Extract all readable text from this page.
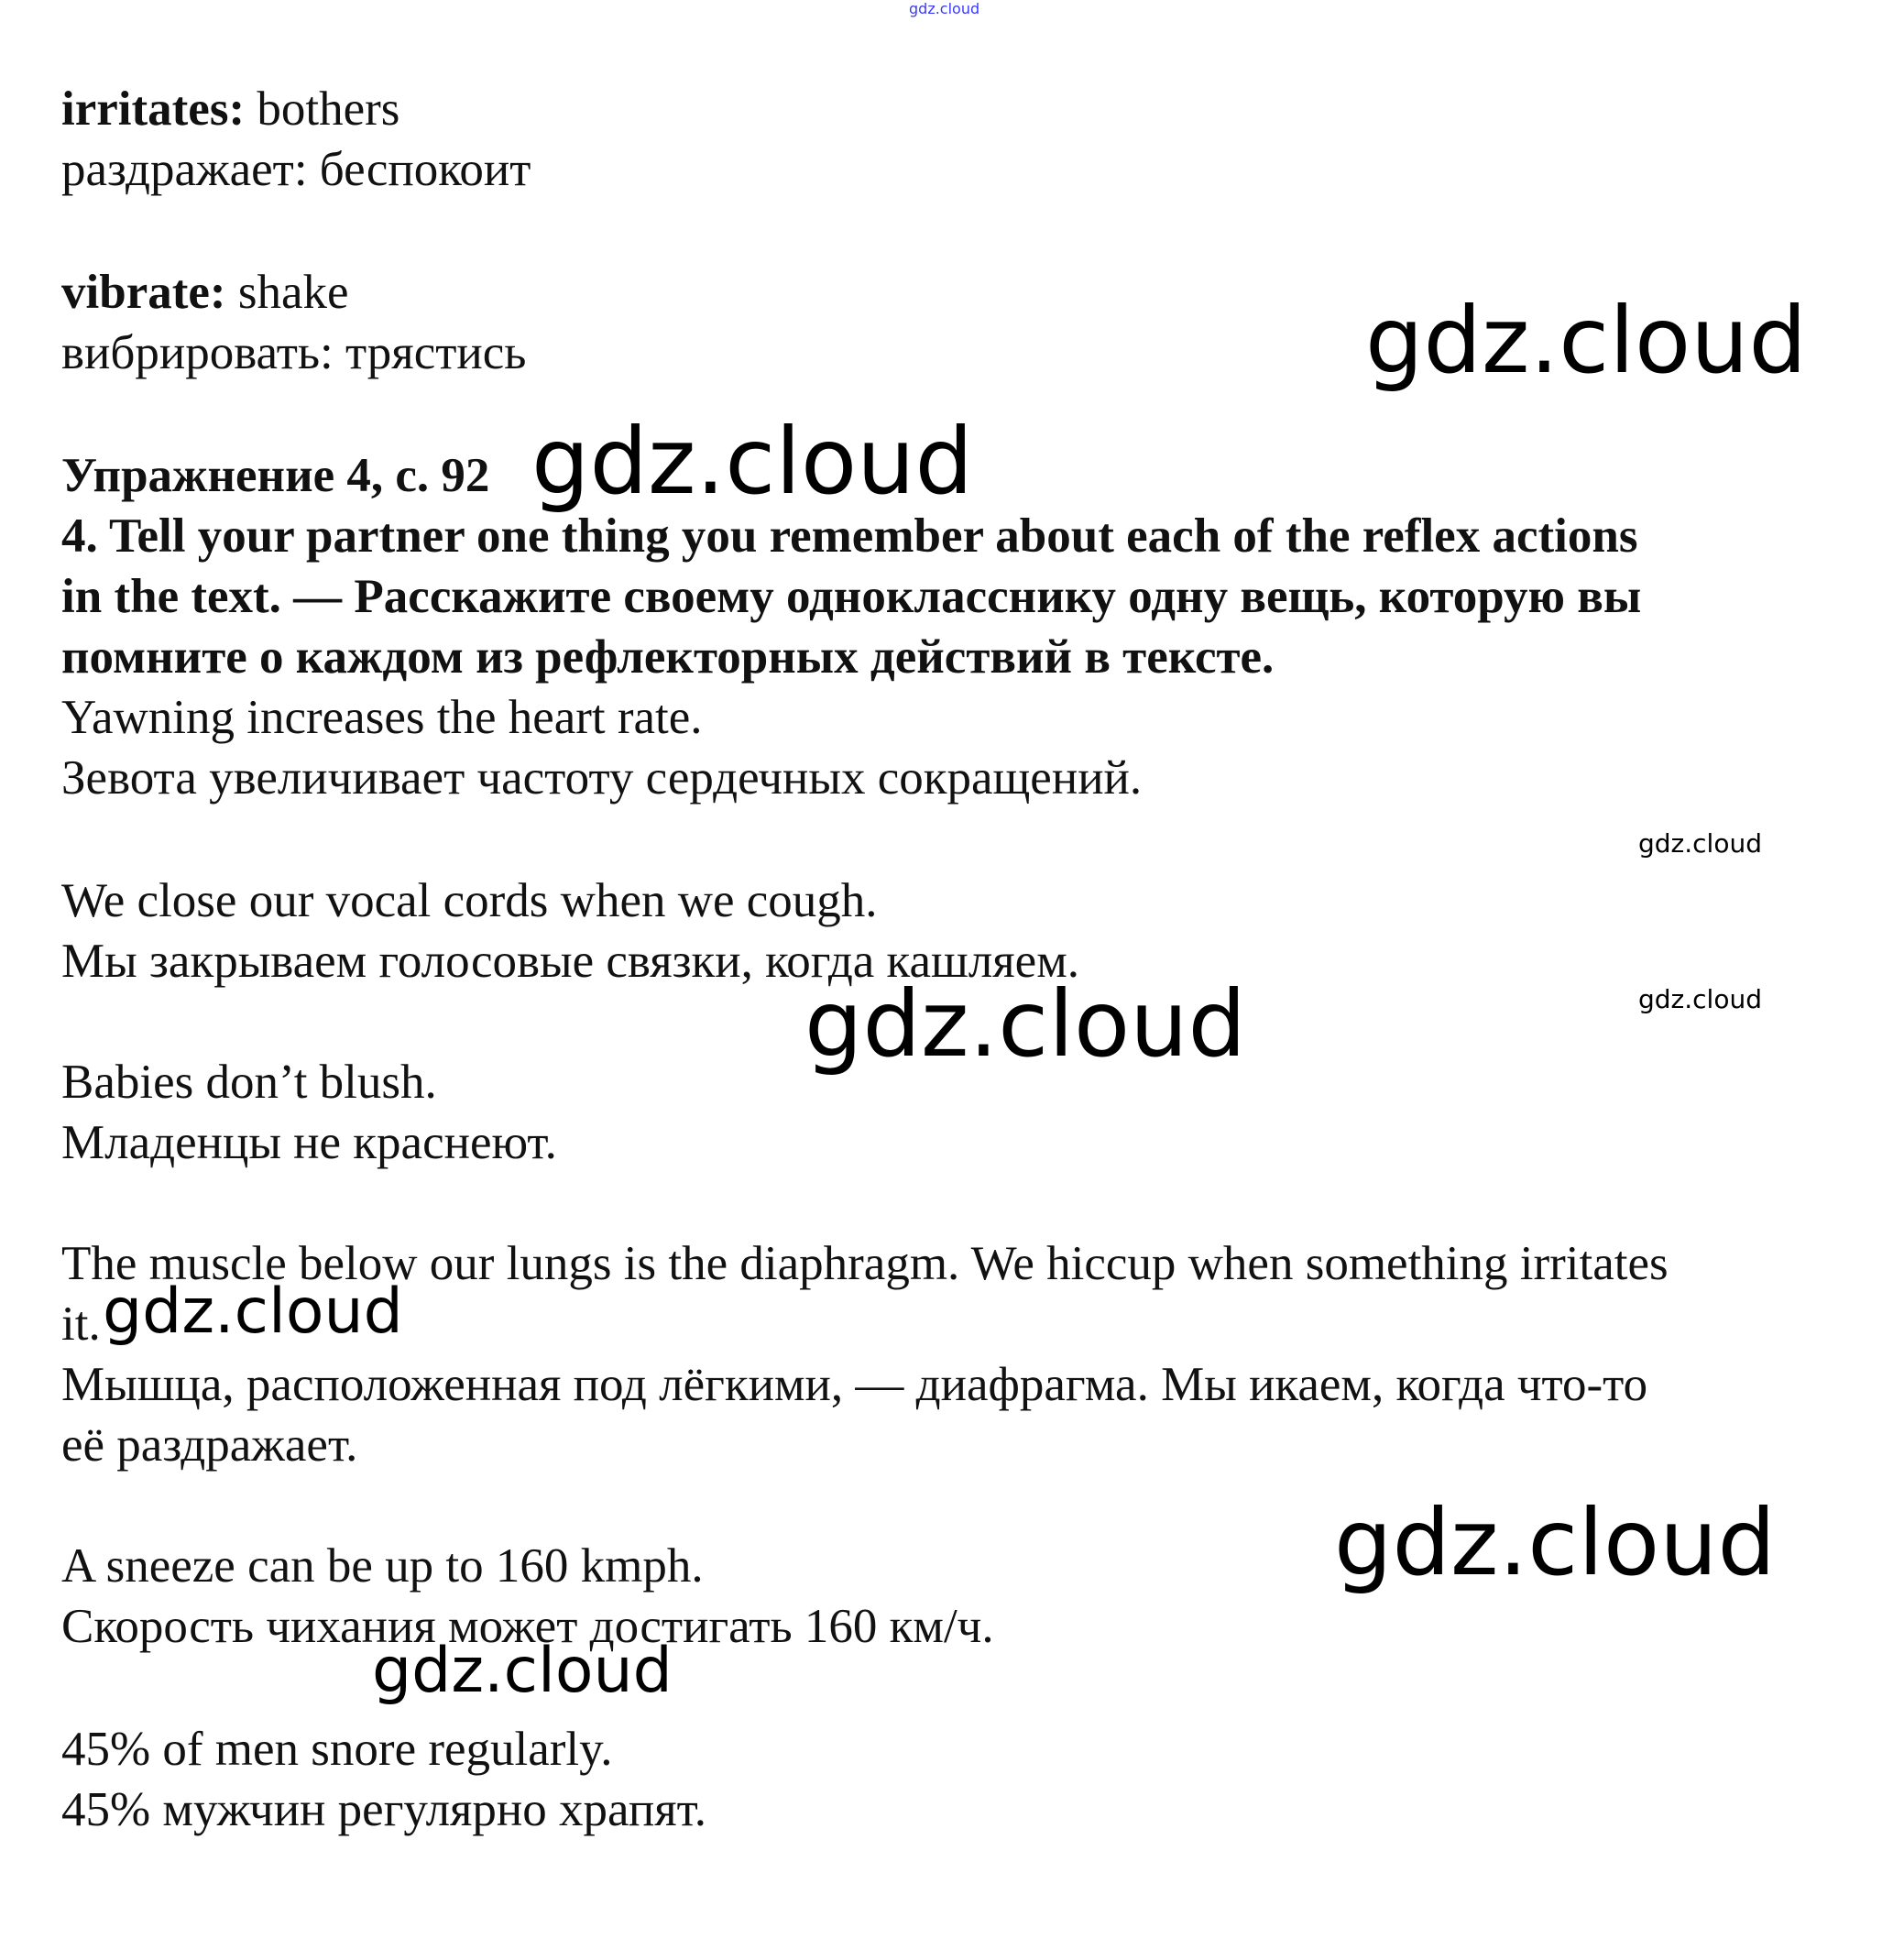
gdz.cloud

irritates: bothers

раздражает: беспокоит

vibrate: shake

вибрировать: трястись	gdz.cloud

Упражнение 4, с. 92 gdz.cloud

4. Tell your partner one thing you remember about each of the reflex actions

in the text. — Расскажите своему однокласснику одну вещь, которую вы

помните о каждом из рефлекторных действий в тексте.

Yawning increases the heart rate.

Зевота увеличивает частоту сердечных сокращений.

gdz.cloud

We close our vocal cords when we cough.

Мы закрываем голосовые связки, когда кашляем.

gdz.cloud
gdz.cloud

Babies don’t blush.

Младенцы не краснеют.

The muscle below our lungs is the diaphragm. We hiccup when something irritates

it. gdz.cloud

Мышца, расположенная под лёгкими, — диафрагма. Мы икаем, когда что-то

её раздражает.

gdz.cloud

A sneeze can be up to 160 kmph.

Скорость чихания может достигать 160 км/ч.

gdz.cloud

45% of men snore regularly.

45% мужчин регулярно храпят.
